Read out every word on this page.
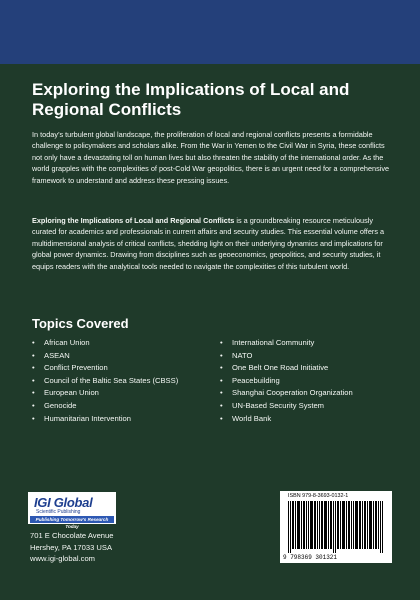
Exploring the Implications of Local and Regional Conflicts

In today’s turbulent global landscape, the proliferation of local and regional conflicts presents a formidable challenge to policymakers and scholars alike. From the War in Yemen to the Civil War in Syria, these conflicts not only have a devastating toll on human lives but also threaten the stability of the international order. As the world grapples with the complexities of post-Cold War geopolitics, there is an urgent need for a comprehensive framework to understand and address these pressing issues.

Exploring the Implications of Local and Regional Conflicts is a groundbreaking resource meticulously curated for academics and professionals in current affairs and security studies. This essential volume offers a multidimensional analysis of critical conflicts, shedding light on their underlying dynamics and implications for global power dynamics. Drawing from disciplines such as geoeconomics, geopolitics, and security studies, it equips readers with the analytical tools needed to navigate the complexities of this turbulent world.

Topics Covered
• African Union
• ASEAN
• Conflict Prevention
• Council of the Baltic Sea States (CBSS)
• European Union
• Genocide
• Humanitarian Intervention
• International Community
• NATO
• One Belt One Road Initiative
• Peacebuilding
• Shanghai Cooperation Organization
• UN-Based Security System
• World Bank
IGI Global
Scientific Publishing
Publishing Tomorrow's Research Today
701 E Chocolate Avenue
Hershey, PA 17033 USA
www.igi-global.com
ISBN 979-8-3693-0132-1
9 798369 301321
